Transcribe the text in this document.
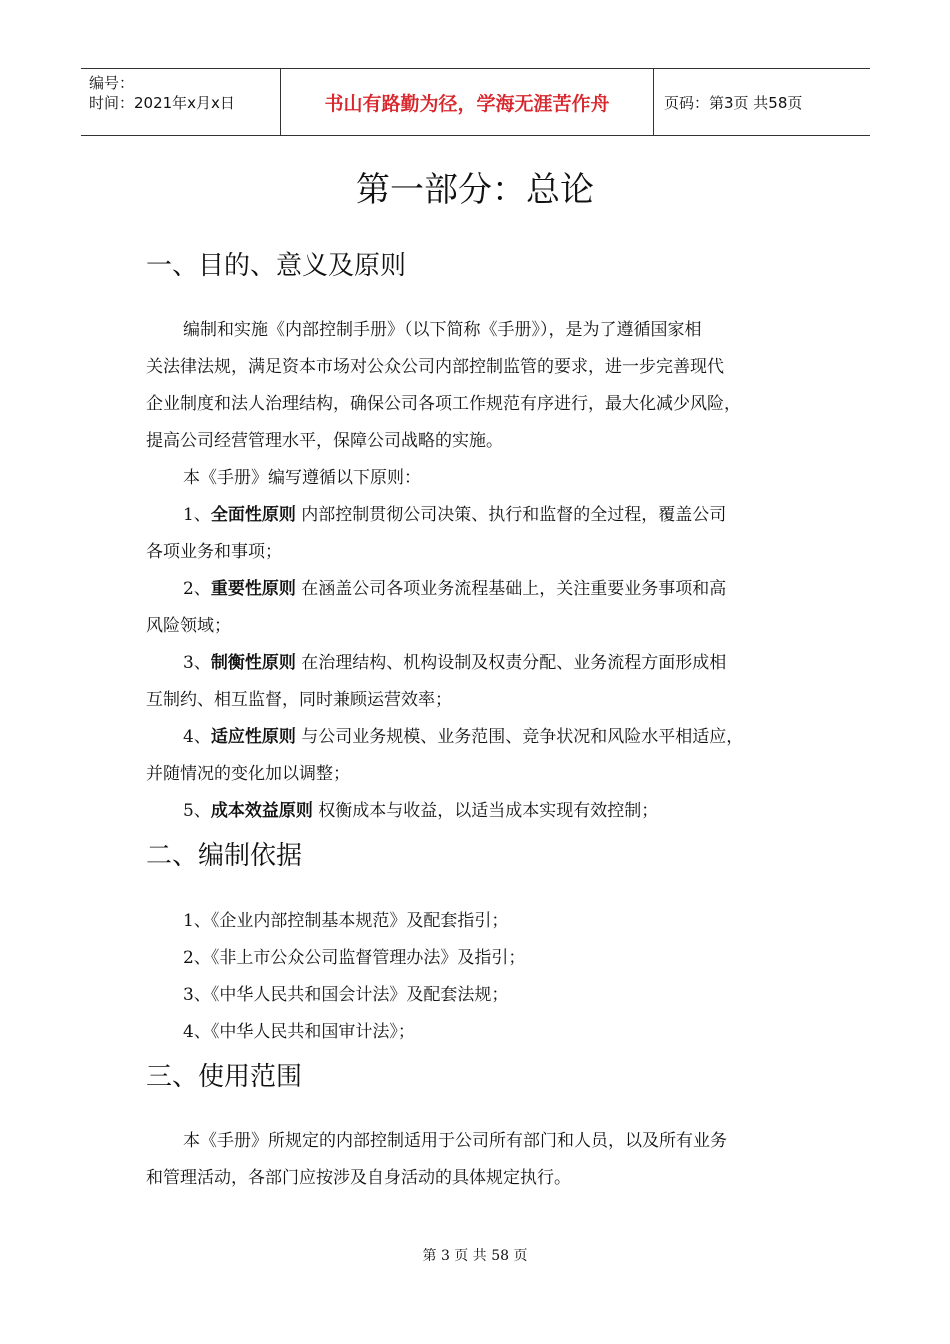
编号：
时间：2021年x月x日	书山有路勤为径，学海无涯苦作舟	页码：第3页 共58页
第一部分：总论
一、目的、意义及原则
编制和实施《内部控制手册》（以下简称《手册》），是为了遵循国家相
关法律法规，满足资本市场对公众公司内部控制监管的要求，进一步完善现代
企业制度和法人治理结构，确保公司各项工作规范有序进行，最大化减少风险，
提高公司经营管理水平，保障公司战略的实施。
本《手册》编写遵循以下原则：
1、全面性原则 内部控制贯彻公司决策、执行和监督的全过程，覆盖公司
各项业务和事项；
2、重要性原则 在涵盖公司各项业务流程基础上，关注重要业务事项和高
风险领域；
3、制衡性原则 在治理结构、机构设制及权责分配、业务流程方面形成相
互制约、相互监督，同时兼顾运营效率；
4、适应性原则 与公司业务规模、业务范围、竞争状况和风险水平相适应，
并随情况的变化加以调整；
5、成本效益原则 权衡成本与收益，以适当成本实现有效控制；
二、编制依据
1、《企业内部控制基本规范》及配套指引；
2、《非上市公众公司监督管理办法》及指引；
3、《中华人民共和国会计法》及配套法规；
4、《中华人民共和国审计法》；
三、使用范围
本《手册》所规定的内部控制适用于公司所有部门和人员，以及所有业务
和管理活动，各部门应按涉及自身活动的具体规定执行。
第 3 页 共 58 页
